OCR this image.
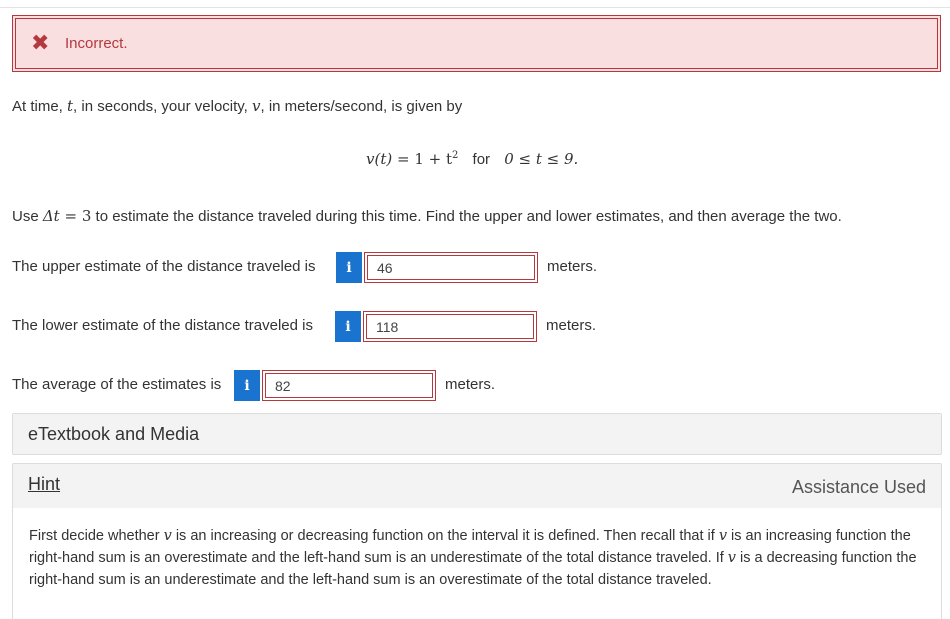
✖ Incorrect.
At time, t, in seconds, your velocity, v, in meters/second, is given by
$v(t) = 1 + t^2$ for 0 ≤ t ≤ 9.
Use Δt = 3 to estimate the distance traveled during this time. Find the upper and lower estimates, and then average the two.
The upper estimate of the distance traveled is	i	46	meters.
The lower estimate of the distance traveled is	i	118	meters.
The average of the estimates is	i	82	meters.
eTextbook and Media
Hint	Assistance Used
First decide whether v is an increasing or decreasing function on the interval it is defined. Then recall that if v is an increasing function the right-hand sum is an overestimate and the left-hand sum is an underestimate of the total distance traveled. If v is a decreasing function the right-hand sum is an underestimate and the left-hand sum is an overestimate of the total distance traveled.
